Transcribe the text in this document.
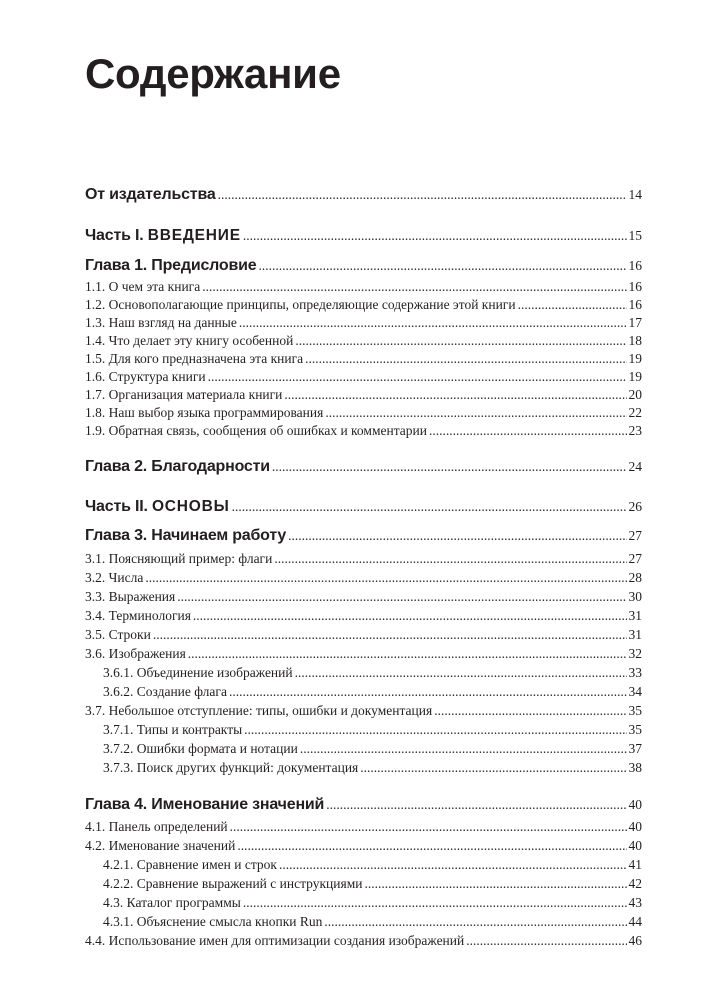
Содержание
От издательства .....	14
Часть I. ВВЕДЕНИЕ .....	15
Глава 1. Предисловие .....	16
1.1. О чем эта книга .....	16
1.2. Основополагающие принципы, определяющие содержание этой книги .....	16
1.3. Наш взгляд на данные .....	17
1.4. Что делает эту книгу особенной .....	18
1.5. Для кого предназначена эта книга .....	19
1.6. Структура книги .....	19
1.7. Организация материала книги .....	20
1.8. Наш выбор языка программирования .....	22
1.9. Обратная связь, сообщения об ошибках и комментарии .....	23
Глава 2. Благодарности .....	24
Часть II. ОСНОВЫ .....	26
Глава 3. Начинаем работу .....	27
3.1. Поясняющий пример: флаги .....	27
3.2. Числа .....	28
3.3. Выражения .....	30
3.4. Терминология .....	31
3.5. Строки .....	31
3.6. Изображения .....	32
3.6.1. Объединение изображений .....	33
3.6.2. Создание флага .....	34
3.7. Небольшое отступление: типы, ошибки и документация .....	35
3.7.1. Типы и контракты .....	35
3.7.2. Ошибки формата и нотации .....	37
3.7.3. Поиск других функций: документация .....	38
Глава 4. Именование значений .....	40
4.1. Панель определений .....	40
4.2. Именование значений .....	40
4.2.1. Сравнение имен и строк .....	41
4.2.2. Сравнение выражений с инструкциями .....	42
4.3. Каталог программы .....	43
4.3.1. Объяснение смысла кнопки Run .....	44
4.4. Использование имен для оптимизации создания изображений .....	46
